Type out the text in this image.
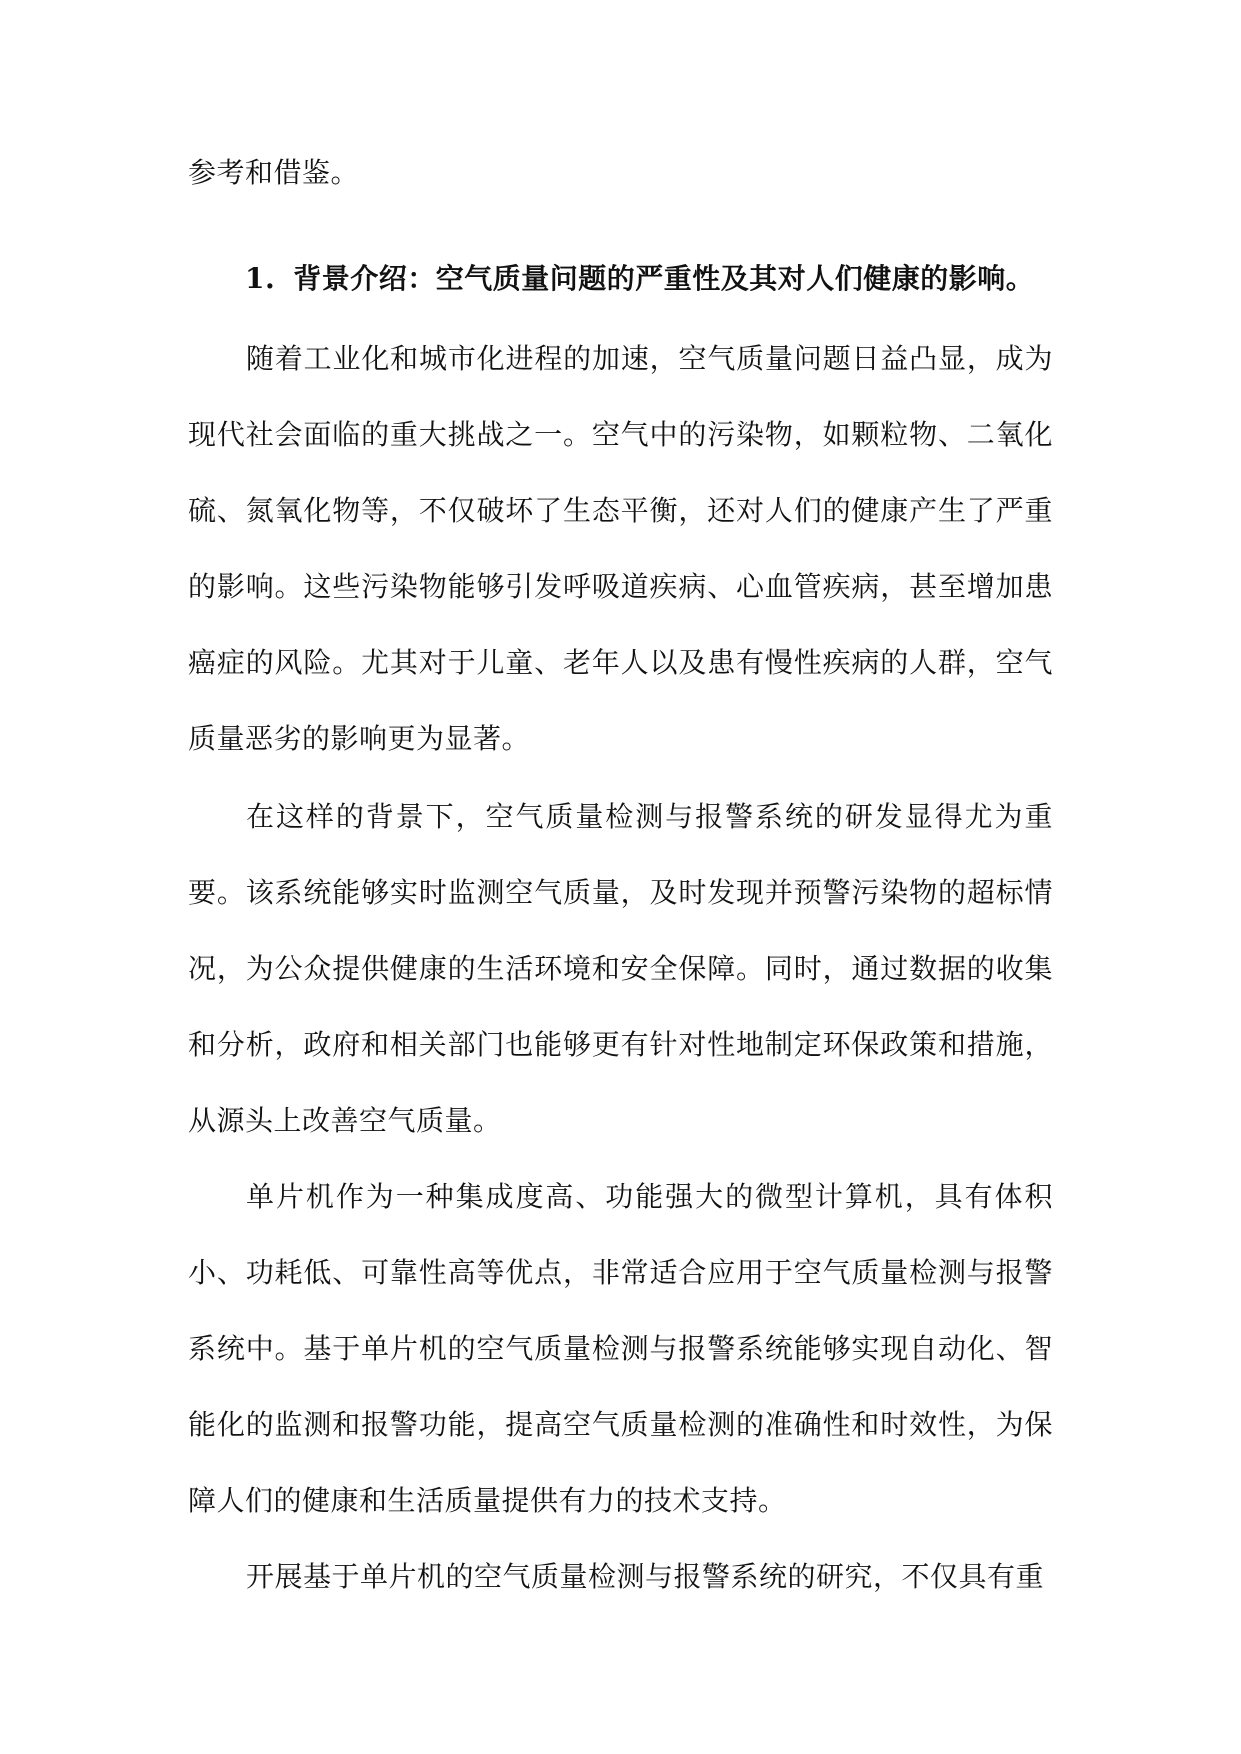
参考和借鉴。
1. 背景介绍：空气质量问题的严重性及其对人们健康的影响。

随着工业化和城市化进程的加速，空气质量问题日益凸显，成为现代社会面临的重大挑战之一。空气中的污染物，如颗粒物、二氧化硫、氮氧化物等，不仅破坏了生态平衡，还对人们的健康产生了严重的影响。这些污染物能够引发呼吸道疾病、心血管疾病，甚至增加患癌症的风险。尤其对于儿童、老年人以及患有慢性疾病的人群，空气质量恶劣的影响更为显著。

在这样的背景下，空气质量检测与报警系统的研发显得尤为重要。该系统能够实时监测空气质量，及时发现并预警污染物的超标情况，为公众提供健康的生活环境和安全保障。同时，通过数据的收集和分析，政府和相关部门也能够更有针对性地制定环保政策和措施，从源头上改善空气质量。

单片机作为一种集成度高、功能强大的微型计算机，具有体积小、功耗低、可靠性高等优点，非常适合应用于空气质量检测与报警系统中。基于单片机的空气质量检测与报警系统能够实现自动化、智能化的监测和报警功能，提高空气质量检测的准确性和时效性，为保障人们的健康和生活质量提供有力的技术支持。

开展基于单片机的空气质量检测与报警系统的研究，不仅具有重
